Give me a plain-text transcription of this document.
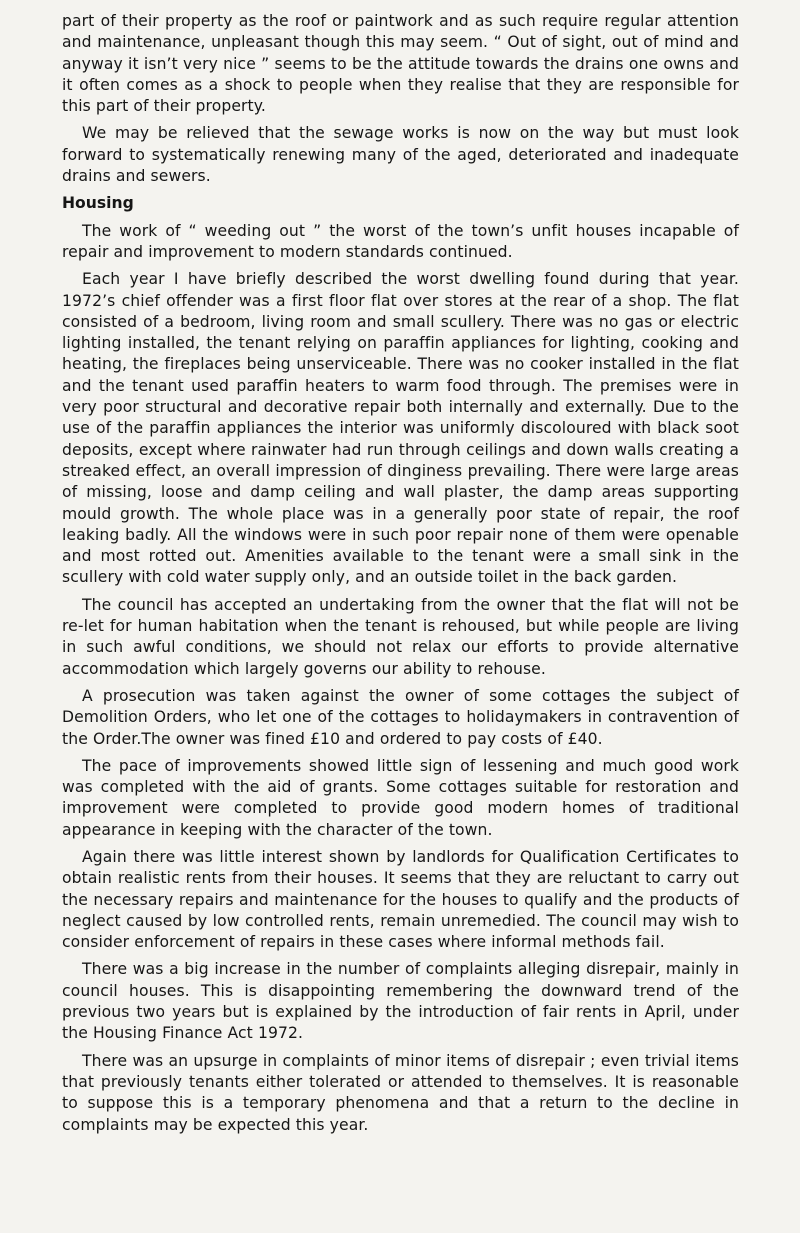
part of their property as the roof or paintwork and as such require regular attention and maintenance, unpleasant though this may seem. “ Out of sight, out of mind and anyway it isn’t very nice ” seems to be the attitude towards the drains one owns and it often comes as a shock to people when they realise that they are responsible for this part of their property.

We may be relieved that the sewage works is now on the way but must look forward to systematically renewing many of the aged, deteriorated and inadequate drains and sewers.

Housing

The work of “ weeding out ” the worst of the town’s unfit houses incapable of repair and improvement to modern standards continued.

Each year I have briefly described the worst dwelling found during that year. 1972’s chief offender was a first floor flat over stores at the rear of a shop. The flat consisted of a bedroom, living room and small scullery. There was no gas or electric lighting installed, the tenant relying on paraffin appliances for lighting, cooking and heating, the fireplaces being unserviceable. There was no cooker installed in the flat and the tenant used paraffin heaters to warm food through. The premises were in very poor structural and decorative repair both internally and externally. Due to the use of the paraffin appliances the interior was uniformly discoloured with black soot deposits, except where rainwater had run through ceilings and down walls creating a streaked effect, an overall impression of dinginess prevailing. There were large areas of missing, loose and damp ceiling and wall plaster, the damp areas supporting mould growth. The whole place was in a generally poor state of repair, the roof leaking badly. All the windows were in such poor repair none of them were openable and most rotted out. Amenities available to the tenant were a small sink in the scullery with cold water supply only, and an outside toilet in the back garden.

The council has accepted an undertaking from the owner that the flat will not be re-let for human habitation when the tenant is rehoused, but while people are living in such awful conditions, we should not relax our efforts to provide alternative accommodation which largely governs our ability to rehouse.

A prosecution was taken against the owner of some cottages the subject of Demolition Orders, who let one of the cottages to holidaymakers in contravention of the Order.The owner was fined £10 and ordered to pay costs of £40.

The pace of improvements showed little sign of lessening and much good work was completed with the aid of grants. Some cottages suitable for restoration and improvement were completed to provide good modern homes of traditional appearance in keeping with the character of the town.

Again there was little interest shown by landlords for Qualification Certificates to obtain realistic rents from their houses. It seems that they are reluctant to carry out the necessary repairs and maintenance for the houses to qualify and the products of neglect caused by low controlled rents, remain unremedied. The council may wish to consider enforcement of repairs in these cases where informal methods fail.

There was a big increase in the number of complaints alleging disrepair, mainly in council houses. This is disappointing remembering the downward trend of the previous two years but is explained by the introduction of fair rents in April, under the Housing Finance Act 1972.

There was an upsurge in complaints of minor items of disrepair ; even trivial items that previously tenants either tolerated or attended to themselves. It is reasonable to suppose this is a temporary phenomena and that a return to the decline in complaints may be expected this year.
